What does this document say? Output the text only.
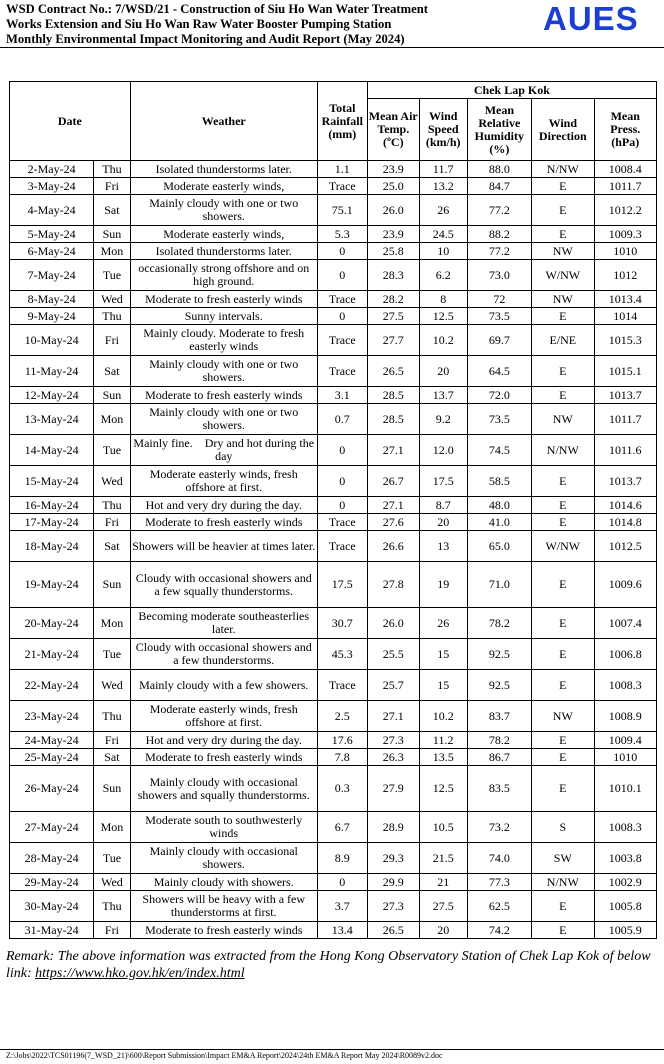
WSD Contract No.: 7/WSD/21 - Construction of Siu Ho Wan Water Treatment
Works Extension and Siu Ho Wan Raw Water Booster Pumping Station
Monthly Environmental Impact Monitoring and Audit Report (May 2024)
AUES
Date		Weather	Total Rainfall (mm)	Chek Lap Kok				
				Mean Air Temp. (ºC)	Wind Speed (km/h)	Mean Relative Humidity (%)	Wind Direction	Mean Press. (hPa)
2-May-24	Thu	Isolated thunderstorms later.	1.1	23.9	11.7	88.0	N/NW	1008.4
3-May-24	Fri	Moderate easterly winds,	Trace	25.0	13.2	84.7	E	1011.7
4-May-24	Sat	Mainly cloudy with one or two showers.	75.1	26.0	26	77.2	E	1012.2
5-May-24	Sun	Moderate easterly winds,	5.3	23.9	24.5	88.2	E	1009.3
6-May-24	Mon	Isolated thunderstorms later.	0	25.8	10	77.2	NW	1010
7-May-24	Tue	occasionally strong offshore and on high ground.	0	28.3	6.2	73.0	W/NW	1012
8-May-24	Wed	Moderate to fresh easterly winds	Trace	28.2	8	72	NW	1013.4
9-May-24	Thu	Sunny intervals.	0	27.5	12.5	73.5	E	1014
10-May-24	Fri	Mainly cloudy. Moderate to fresh easterly winds	Trace	27.7	10.2	69.7	E/NE	1015.3
11-May-24	Sat	Mainly cloudy with one or two showers.	Trace	26.5	20	64.5	E	1015.1
12-May-24	Sun	Moderate to fresh easterly winds	3.1	28.5	13.7	72.0	E	1013.7
13-May-24	Mon	Mainly cloudy with one or two showers.	0.7	28.5	9.2	73.5	NW	1011.7
14-May-24	Tue	Mainly fine.    Dry and hot during the day	0	27.1	12.0	74.5	N/NW	1011.6
15-May-24	Wed	Moderate easterly winds, fresh offshore at first.	0	26.7	17.5	58.5	E	1013.7
16-May-24	Thu	Hot and very dry during the day.	0	27.1	8.7	48.0	E	1014.6
17-May-24	Fri	Moderate to fresh easterly winds	Trace	27.6	20	41.0	E	1014.8
18-May-24	Sat	Showers will be heavier at times later.	Trace	26.6	13	65.0	W/NW	1012.5
19-May-24	Sun	Cloudy with occasional showers and a few squally thunderstorms.	17.5	27.8	19	71.0	E	1009.6
20-May-24	Mon	Becoming moderate southeasterlies later.	30.7	26.0	26	78.2	E	1007.4
21-May-24	Tue	Cloudy with occasional showers and a few thunderstorms.	45.3	25.5	15	92.5	E	1006.8
22-May-24	Wed	Mainly cloudy with a few showers.	Trace	25.7	15	92.5	E	1008.3
23-May-24	Thu	Moderate easterly winds, fresh offshore at first.	2.5	27.1	10.2	83.7	NW	1008.9
24-May-24	Fri	Hot and very dry during the day.	17.6	27.3	11.2	78.2	E	1009.4
25-May-24	Sat	Moderate to fresh easterly winds	7.8	26.3	13.5	86.7	E	1010
26-May-24	Sun	Mainly cloudy with occasional showers and squally thunderstorms.	0.3	27.9	12.5	83.5	E	1010.1
27-May-24	Mon	Moderate south to southwesterly winds	6.7	28.9	10.5	73.2	S	1008.3
28-May-24	Tue	Mainly cloudy with occasional showers.	8.9	29.3	21.5	74.0	SW	1003.8
29-May-24	Wed	Mainly cloudy with showers.	0	29.9	21	77.3	N/NW	1002.9
30-May-24	Thu	Showers will be heavy with a few thunderstorms at first.	3.7	27.3	27.5	62.5	E	1005.8
31-May-24	Fri	Moderate to fresh easterly winds	13.4	26.5	20	74.2	E	1005.9
Remark: The above information was extracted from the Hong Kong Observatory Station of Chek Lap Kok of below link: https://www.hko.gov.hk/en/index.html
Z:\Jobs\2022\TCS01196(7_WSD_21)\600\Report Submission\Impact EM&A Report\2024\24th EM&A Report May 2024\R0089v2.doc
